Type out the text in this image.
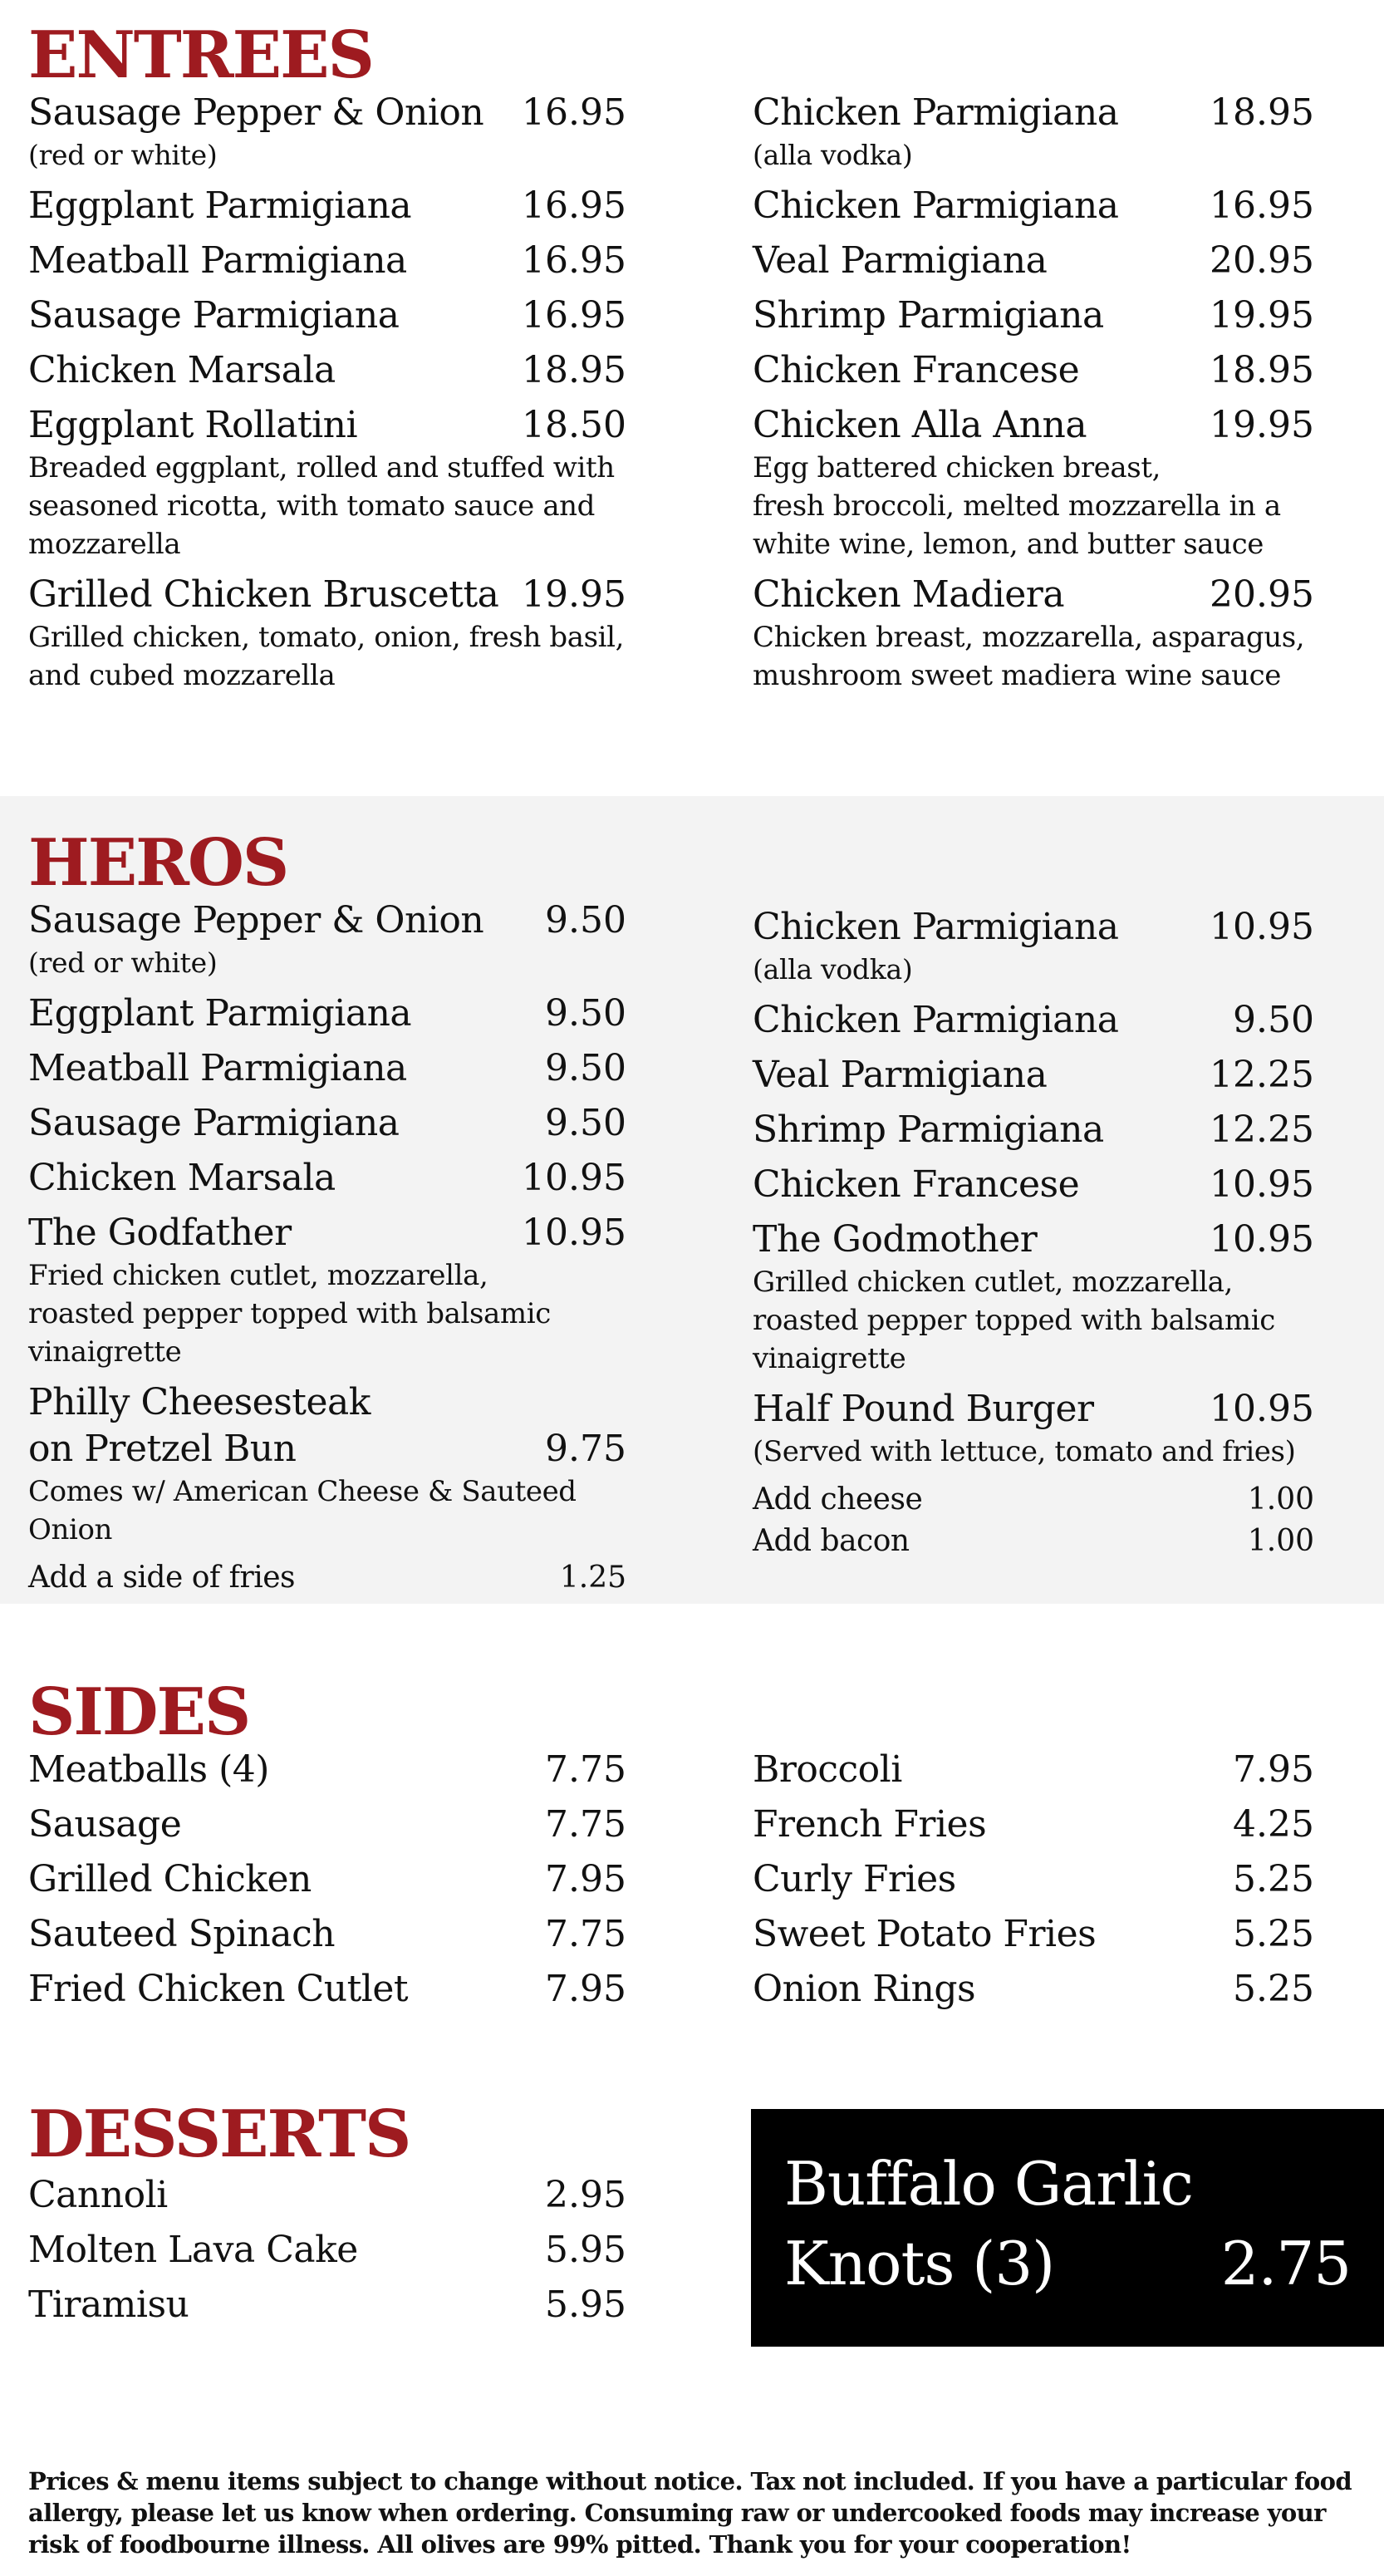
ENTREES
Sausage Pepper & Onion 16.95
(red or white)
Eggplant Parmigiana	16.95
Meatball Parmigiana	16.95
Sausage Parmigiana	16.95
Chicken Marsala	18.95
Eggplant Rollatini	18.50
Breaded eggplant, rolled and stuffed with
seasoned ricotta, with tomato sauce and
mozzarella
Grilled Chicken Bruscetta 19.95
Grilled chicken, tomato, onion, fresh basil,
and cubed mozzarella
Chicken Parmigiana 18.95
(alla vodka)
Chicken Parmigiana 16.95
Veal Parmigiana	20.95
Shrimp Parmigiana	19.95
Chicken Francese	18.95
Chicken Alla Anna	19.95
Egg battered chicken breast,
fresh broccoli, melted mozzarella in a
white wine, lemon, and butter sauce
Chicken Madiera	20.95
Chicken breast, mozzarella, asparagus,
mushroom sweet madiera wine sauce
HEROS
Sausage Pepper & Onion 9.50
(red or white)
Eggplant Parmigiana	9.50
Meatball Parmigiana	9.50
Sausage Parmigiana	9.50
Chicken Marsala	10.95
The Godfather	10.95
Fried chicken cutlet, mozzarella,
roasted pepper topped with balsamic
vinaigrette
Philly Cheesesteak
on Pretzel Bun	9.75
Comes w/ American Cheese & Sauteed Onion
Add a side of fries	1.25
Chicken Parmigiana 10.95
(alla vodka)
Chicken Parmigiana	9.50
Veal Parmigiana	12.25
Shrimp Parmigiana	12.25
Chicken Francese	10.95
The Godmother	10.95
Grilled chicken cutlet, mozzarella,
roasted pepper topped with balsamic
vinaigrette
Half Pound Burger	10.95
(Served with lettuce, tomato and fries)
Add cheese	1.00
Add bacon	1.00
SIDES
Meatballs (4)	7.75
Sausage	7.75
Grilled Chicken	7.95
Sauteed Spinach	7.75
Fried Chicken Cutlet	7.95
Broccoli	7.95
French Fries	4.25
Curly Fries	5.25
Sweet Potato Fries	5.25
Onion Rings	5.25
DESSERTS
Cannoli	2.95
Molten Lava Cake	5.95
Tiramisu	5.95
Buffalo Garlic
Knots (3)	2.75
Prices & menu items subject to change without notice. Tax not included. If you have a particular food
allergy, please let us know when ordering. Consuming raw or undercooked foods may increase your
risk of foodbourne illness. All olives are 99% pitted. Thank you for your cooperation!
